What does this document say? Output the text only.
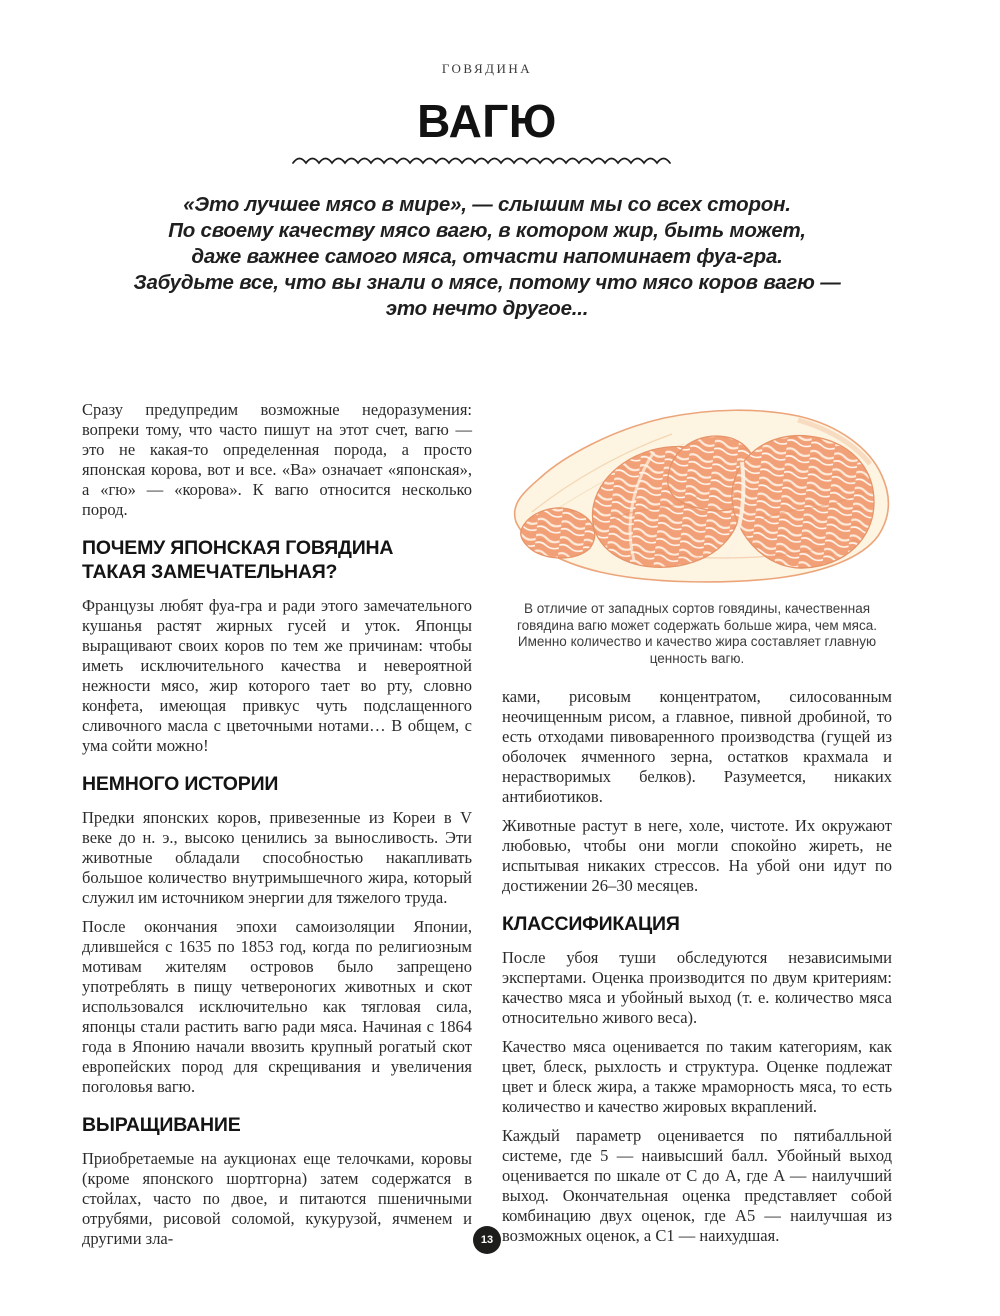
ГОВЯДИНА
ВАГЮ
«Это лучшее мясо в мире», — слышим мы со всех сторон.
По своему качеству мясо вагю, в котором жир, быть может,
даже важнее самого мяса, отчасти напоминает фуа-гра.
Забудьте все, что вы знали о мясе, потому что мясо коров вагю —
это нечто другое...

Сразу предупредим возможные недоразумения: вопреки тому, что часто пишут на этот счет, вагю — это не какая-то определенная порода, а просто японская корова, вот и все. «Ва» означает «японская», а «гю» — «корова». К вагю относится несколько пород.

ПОЧЕМУ ЯПОНСКАЯ ГОВЯДИНА ТАКАЯ ЗАМЕЧАТЕЛЬНАЯ?

Французы любят фуа-гра и ради этого замечательного кушанья растят жирных гусей и уток. Японцы выращивают своих коров по тем же причинам: чтобы иметь исключительного качества и невероятной нежности мясо, жир которого тает во рту, словно конфета, имеющая привкус чуть подслащенного сливочного масла с цветочными нотами… В общем, с ума сойти можно!

НЕМНОГО ИСТОРИИ

Предки японских коров, привезенные из Кореи в V веке до н. э., высоко ценились за выносливость. Эти животные обладали способностью накапливать большое количество внутримышечного жира, который служил им источником энергии для тяжелого труда.

После окончания эпохи самоизоляции Японии, длившейся с 1635 по 1853 год, когда по религиозным мотивам жителям островов было запрещено употреблять в пищу четвероногих животных и скот использовался исключительно как тягловая сила, японцы стали растить вагю ради мяса. Начиная с 1864 года в Японию начали ввозить крупный рогатый скот европейских пород для скрещивания и увеличения поголовья вагю.

ВЫРАЩИВАНИЕ

Приобретаемые на аукционах еще телочками, коровы (кроме японского шортгорна) затем содержатся в стойлах, часто по двое, и питаются пшеничными отрубями, рисовой соломой, кукурузой, ячменем и другими зла-

В отличие от западных сортов говядины, качественная говядина вагю может содержать больше жира, чем мяса. Именно количество и качество жира составляет главную ценность вагю.

ками, рисовым концентратом, силосованным неочищенным рисом, а главное, пивной дробиной, то есть отходами пивоваренного производства (гущей из оболочек ячменного зерна, остатков крахмала и нерастворимых белков). Разумеется, никаких антибиотиков.

Животные растут в неге, холе, чистоте. Их окружают любовью, чтобы они могли спокойно жиреть, не испытывая никаких стрессов. На убой они идут по достижении 26–30 месяцев.

КЛАССИФИКАЦИЯ

После убоя туши обследуются независимыми экспертами. Оценка производится по двум критериям: качество мяса и убойный выход (т. е. количество мяса относительно живого веса).

Качество мяса оценивается по таким категориям, как цвет, блеск, рыхлость и структура. Оценке подлежат цвет и блеск жира, а также мраморность мяса, то есть количество и качество жировых вкраплений.

Каждый параметр оценивается по пятибалльной системе, где 5 — наивысший балл. Убойный выход оценивается по шкале от C до A, где A — наилучший выход. Окончательная оценка представляет собой комбинацию двух оценок, где A5 — наилучшая из возможных оценок, а C1 — наихудшая.

13
